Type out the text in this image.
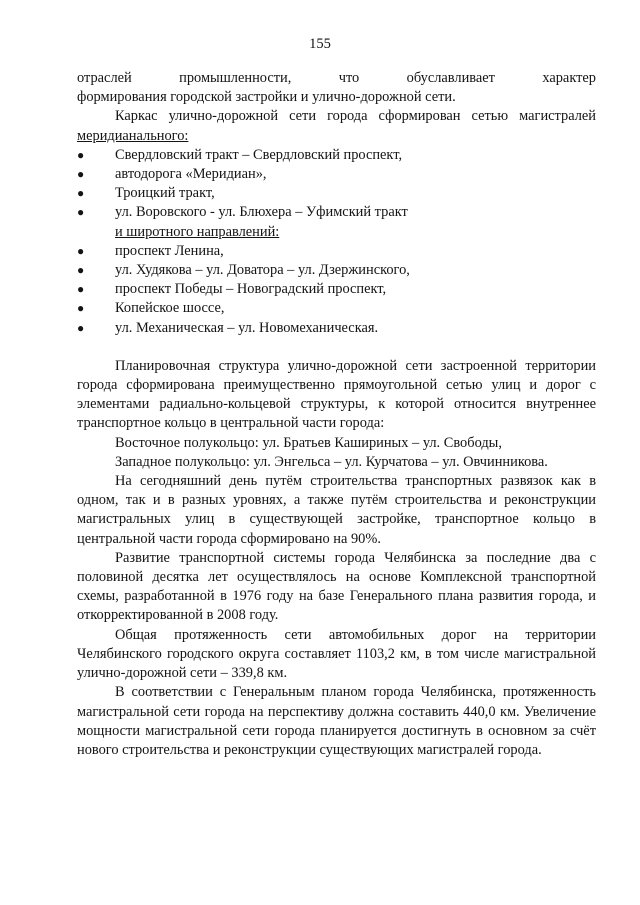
155

отраслей промышленности, что обуславливает характер

формирования городской застройки и улично-дорожной сети.

Каркас улично-дорожной сети города сформирован сетью магистралей

меридианального:

●	Свердловский тракт – Свердловский проспект,
●	автодорога «Меридиан»,
●	Троицкий тракт,
●	ул. Воровского - ул. Блюхера – Уфимский тракт

и широтного направлений:

●	проспект Ленина,
●	ул. Худякова – ул. Доватора – ул. Дзержинского,
●	проспект Победы – Новоградский проспект,
●	Копейское шоссе,
●	ул. Механическая – ул. Новомеханическая.

Планировочная структура улично-дорожной сети застроенной территории города сформирована преимущественно прямоугольной сетью улиц и дорог с элементами радиально-кольцевой структуры, к которой относится внутреннее транспортное кольцо в центральной части города:

Восточное полукольцо: ул. Братьев Кашириных – ул. Свободы,

Западное полукольцо: ул. Энгельса – ул. Курчатова – ул. Овчинникова.

На сегодняшний день путём строительства транспортных развязок как в одном, так и в разных уровнях, а также путём строительства и реконструкции магистральных улиц в существующей застройке, транспортное кольцо в центральной части города сформировано на 90%.

Развитие транспортной системы города Челябинска за последние два с половиной десятка лет осуществлялось на основе Комплексной транспортной схемы, разработанной в 1976 году на базе Генерального плана развития города, и откорректированной в 2008 году.

Общая протяженность сети автомобильных дорог на территории Челябинского городского округа составляет 1103,2 км, в том числе магистральной улично-дорожной сети – 339,8 км.

В соответствии с Генеральным планом города Челябинска, протяженность магистральной сети города на перспективу должна составить 440,0 км. Увеличение мощности магистральной сети города планируется достигнуть в основном за счёт нового строительства и реконструкции существующих магистралей города.
